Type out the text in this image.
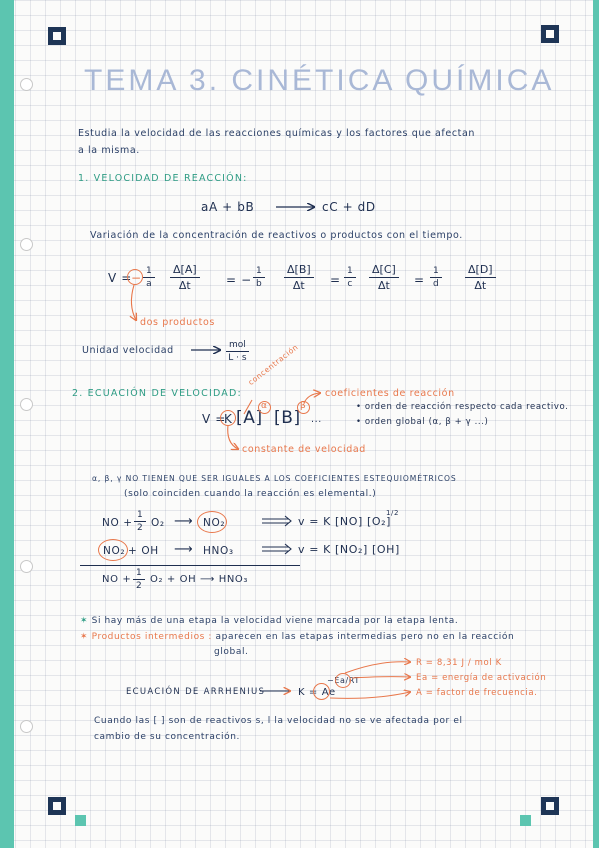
TEMA 3. CINÉTICA QUÍMICA
Estudia la velocidad de las reacciones químicas y los factores que afectan
a la misma.
1. VELOCIDAD DE REACCIÓN:
aA + bB	cC + dD
Variación de la concentración de reactivos o productos con el tiempo.
V = − $\frac{1}{a} \frac{\Delta[A]}{\Delta t}$ = − $\frac{1}{b} \frac{\Delta[B]}{\Delta t} = \frac{1}{c} \frac{\Delta[C]}{\Delta t} = \frac{1}{d} \frac{\Delta[D]}{\Delta t}$
dos productos
Unidad velocidad	mol
L · s
2. ECUACIÓN DE VELOCIDAD:
V =
K [A]
α
[B]
β
...
concentración
coeficientes de reacción
constante de velocidad
• orden de reacción respecto cada reactivo.
• orden global (α, β + γ ...)
α, β, γ NO TIENEN QUE SER IGUALES A LOS COEFICIENTES ESTEQUIOMÉTRICOS
(solo coinciden cuando la reacción es elemental.)
NO + $\frac{1}{2} O_2$ ⟶ NO₂	v = K [NO] [O₂]
1/2
NO₂ + OH ⟶ HNO₃	v = K [NO₂] [OH]
NO + $\frac{1}{2} O_2$ + OH ⟶ HNO₃
✶ Si hay más de una etapa la velocidad viene marcada por la etapa lenta.
✶ Productos intermedios : aparecen en las etapas intermedias pero no en la reacción
global.
ECUACIÓN DE ARRHENIUS	K = Ae
−Ea/RT
R = 8,31 J / mol K
Ea = energía de activación
A = factor de frecuencia.
Cuando las [ ] son de reactivos s, l la velocidad no se ve afectada por el
cambio de su concentración.
